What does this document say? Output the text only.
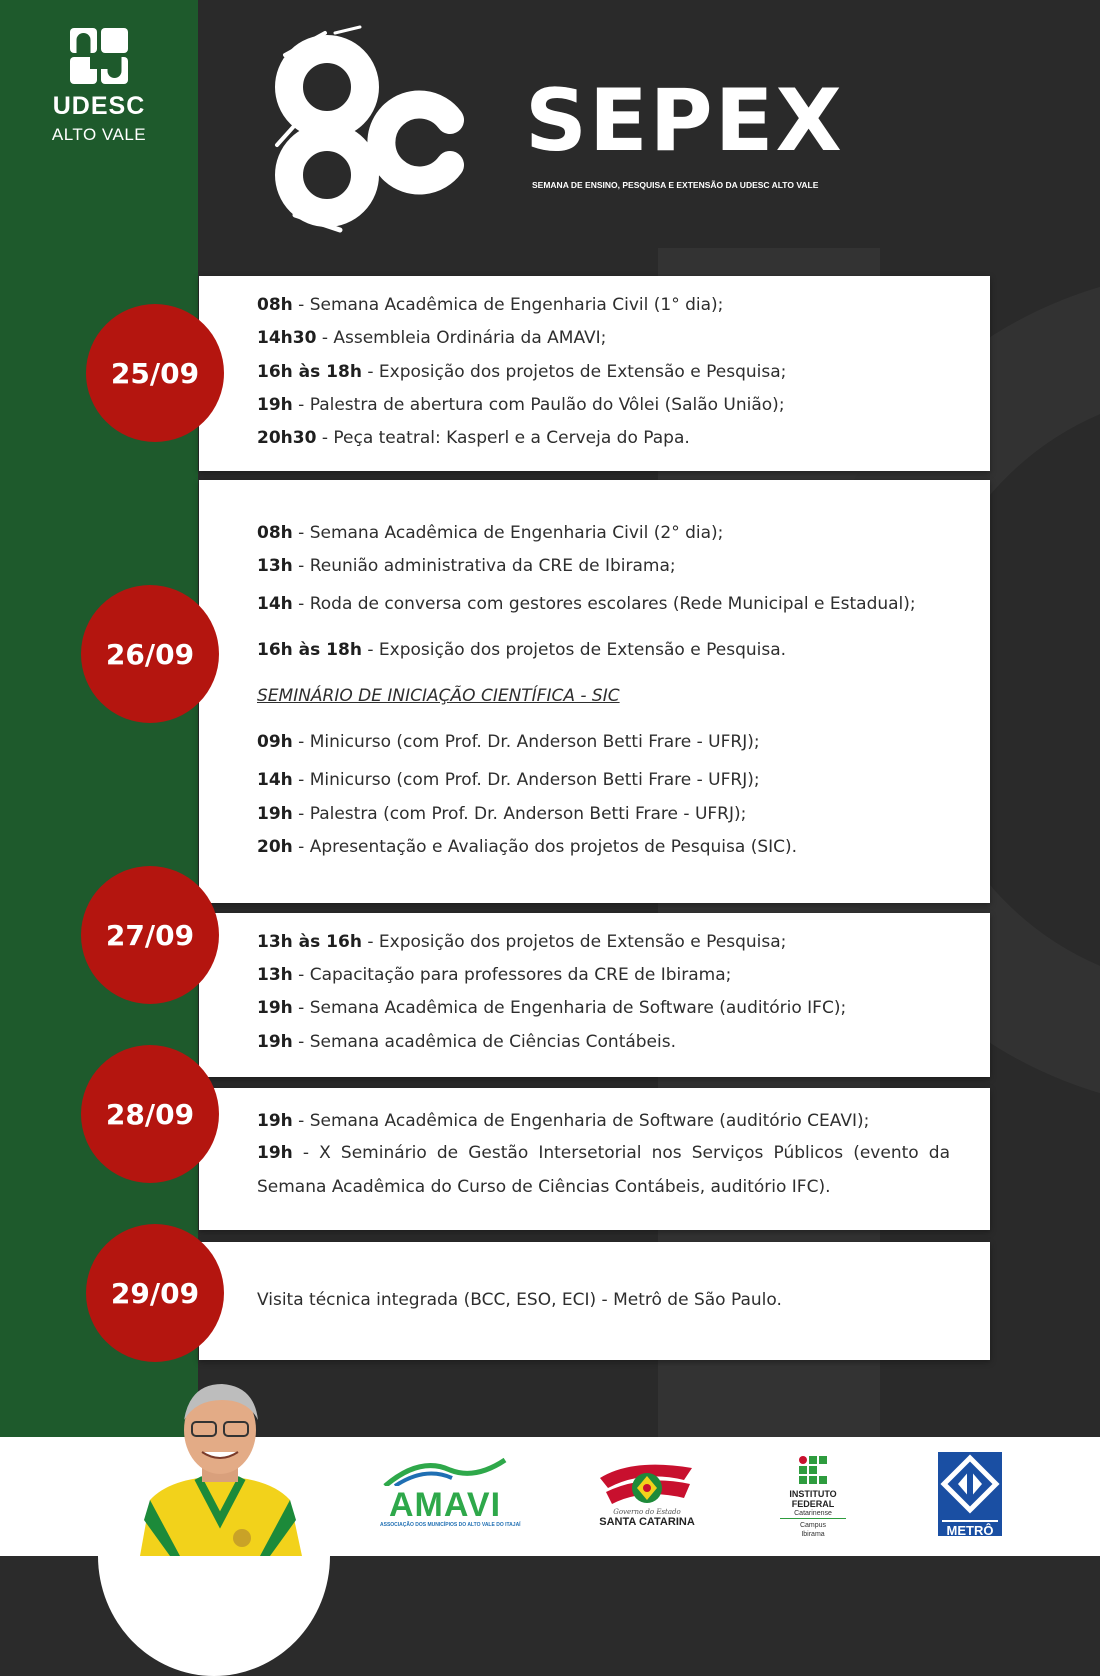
UDESC
ALTO VALE	SEPEX
SEMANA DE ENSINO, PESQUISA E EXTENSÃO DA UDESC ALTO VALE
08h - Semana Acadêmica de Engenharia Civil (1° dia);
14h30 - Assembleia Ordinária da AMAVI;
16h às 18h - Exposição dos projetos de Extensão e Pesquisa;
19h - Palestra de abertura com Paulão do Vôlei (Salão União);
20h30 - Peça teatral: Kasperl e a Cerveja do Papa.
08h - Semana Acadêmica de Engenharia Civil (2° dia);
13h - Reunião administrativa da CRE de Ibirama;
14h - Roda de conversa com gestores escolares (Rede Municipal e Estadual);
16h às 18h - Exposição dos projetos de Extensão e Pesquisa.
SEMINÁRIO DE INICIAÇÃO CIENTÍFICA - SIC
09h - Minicurso (com Prof. Dr. Anderson Betti Frare - UFRJ);
14h - Minicurso (com Prof. Dr. Anderson Betti Frare - UFRJ);
19h - Palestra (com Prof. Dr. Anderson Betti Frare - UFRJ);
20h - Apresentação e Avaliação dos projetos de Pesquisa (SIC).
13h às 16h - Exposição dos projetos de Extensão e Pesquisa;
13h - Capacitação para professores da CRE de Ibirama;
19h - Semana Acadêmica de Engenharia de Software (auditório IFC);
19h - Semana acadêmica de Ciências Contábeis.
19h - Semana Acadêmica de Engenharia de Software (auditório CEAVI);
19h - X Seminário de Gestão Intersetorial nos Serviços Públicos (evento da Semana Acadêmica do Curso de Ciências Contábeis, auditório IFC).
Visita técnica integrada (BCC, ESO, ECI) - Metrô de São Paulo.
25/09
26/09
27/09
28/09
29/09
AMAVI
ASSOCIAÇÃO DOS MUNICÍPIOS DO ALTO VALE DO ITAJAÍ
Governo do Estado
SANTA CATARINA
INSTITUTO
FEDERAL
Catarinense
Campus
Ibirama	METRÔ
